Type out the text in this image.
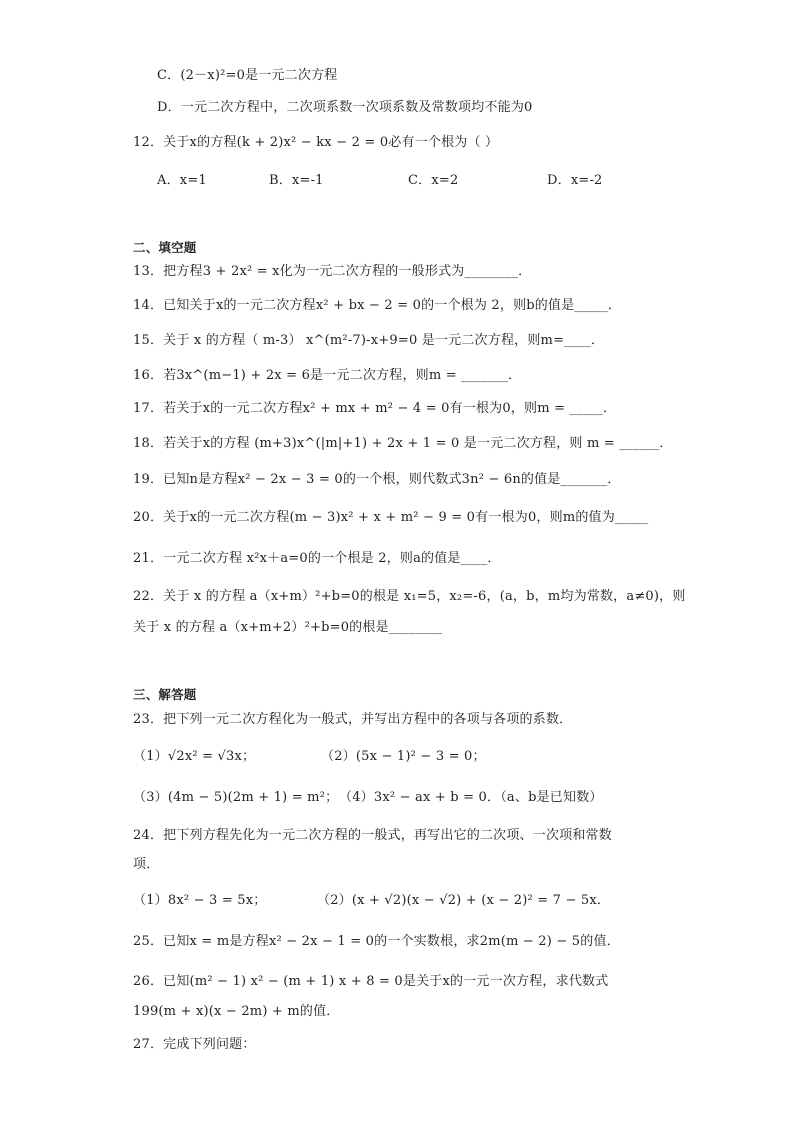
C．(2－x)²=0是一元二次方程
D．一元二次方程中，二次项系数一次项系数及常数项均不能为0
12．关于x的方程(k + 2)x² − kx − 2 = 0必有一个根为（ ）
A．x=1	B．x=-1	C．x=2	D．x=-2
二、填空题
13．把方程3 + 2x² = x化为一元二次方程的一般形式为________．
14．已知关于x的一元二次方程x² + bx − 2 = 0的一个根为 2，则b的值是_____．
15．关于 x 的方程（ m-3） x^(m²-7)-x+9=0 是一元二次方程，则m=____．
16．若3x^(m−1) + 2x = 6是一元二次方程，则m = _______．
17．若关于x的一元二次方程x² + mx + m² − 4 = 0有一根为0，则m = _____．
18．若关于x的方程 (m+3)x^(|m|+1) + 2x + 1 = 0 是一元二次方程，则 m = ______．
19．已知n是方程x² − 2x − 3 = 0的一个根，则代数式3n² − 6n的值是_______．
20．关于x的一元二次方程(m − 3)x² + x + m² − 9 = 0有一根为0，则m的值为_____
21．一元二次方程 x²x＋a=0的一个根是 2，则a的值是____．
22．关于 x 的方程 a（x+m）²+b=0的根是 x₁=5，x₂=-6，(a，b，m均为常数，a≠0)，则
关于 x 的方程 a（x+m+2）²+b=0的根是________
三、解答题
23．把下列一元二次方程化为一般式，并写出方程中的各项与各项的系数．
（1）√2x² = √3x；	（2）(5x − 1)² − 3 = 0；
（3）(4m − 5)(2m + 1) = m²；（4）3x² − ax + b = 0．（a、b是已知数）
24．把下列方程先化为一元二次方程的一般式，再写出它的二次项、一次项和常数
项．
（1）8x² − 3 = 5x；	（2）(x + √2)(x − √2) + (x − 2)² = 7 − 5x．
25．已知x = m是方程x² − 2x − 1 = 0的一个实数根，求2m(m − 2) − 5的值．
26．已知(m² − 1) x² − (m + 1) x + 8 = 0是关于x的一元一次方程，求代数式
199(m + x)(x − 2m) + m的值．
27．完成下列问题：
